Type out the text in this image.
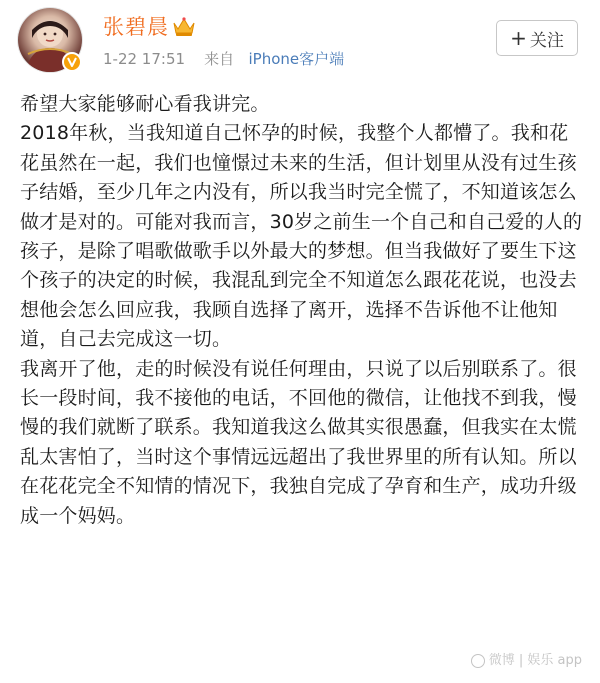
张碧晨
1-22 17:51 来自 iPhone客户端
+ 关注

希望大家能够耐心看我讲完。

2018年秋，当我知道自己怀孕的时候，我整个人都懵了。我和花花虽然在一起，我们也憧憬过未来的生活，但计划里从没有过生孩子结婚，至少几年之内没有，所以我当时完全慌了，不知道该怎么做才是对的。可能对我而言，30岁之前生一个自己和自己爱的人的孩子，是除了唱歌做歌手以外最大的梦想。但当我做好了要生下这个孩子的决定的时候，我混乱到完全不知道怎么跟花花说，也没去想他会怎么回应我，我顾自选择了离开，选择不告诉他不让他知道，自己去完成这一切。

我离开了他，走的时候没有说任何理由，只说了以后别联系了。很长一段时间，我不接他的电话，不回他的微信，让他找不到我，慢慢的我们就断了联系。我知道我这么做其实很愚蠢，但我实在太慌乱太害怕了，当时这个事情远远超出了我世界里的所有认知。所以在花花完全不知情的情况下，我独自完成了孕育和生产，成功升级成一个妈妈。

微博 | 娱乐 app
